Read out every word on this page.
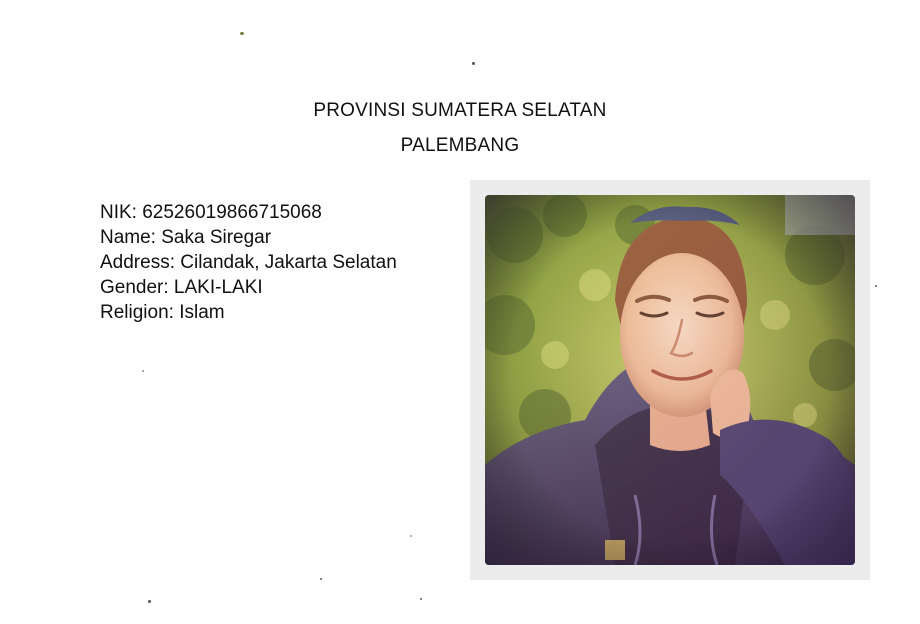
PROVINSI SUMATERA SELATAN
PALEMBANG
NIK: 62526019866715068
Name: Saka Siregar
Address: Cilandak, Jakarta Selatan
Gender: LAKI-LAKI
Religion: Islam
